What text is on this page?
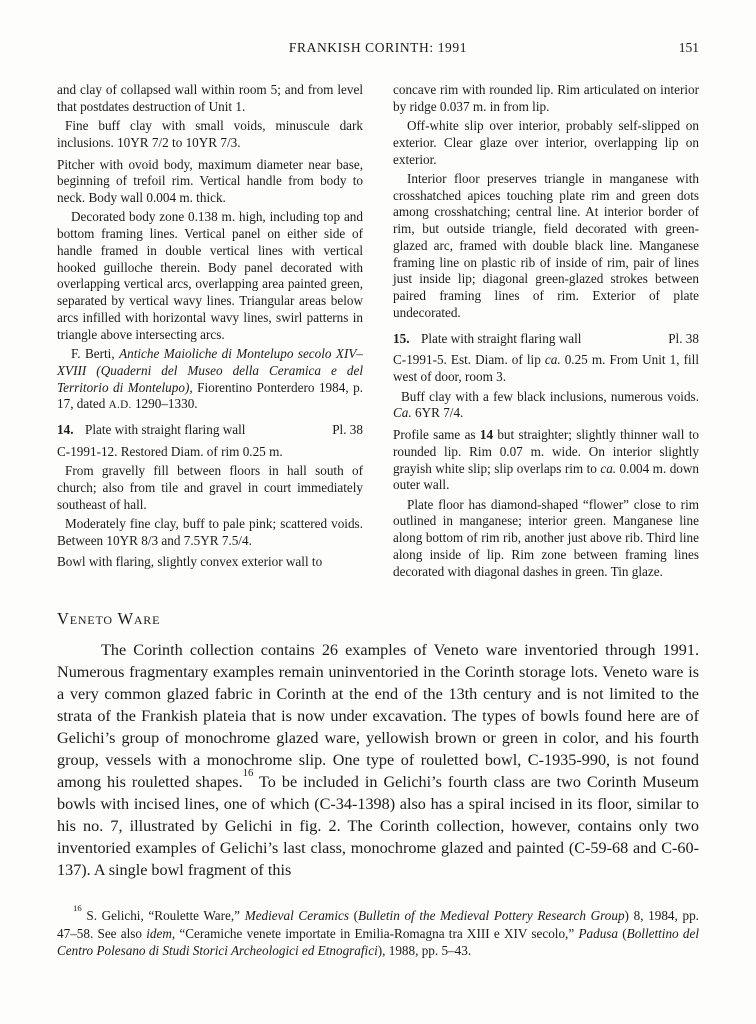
FRANKISH CORINTH: 1991	151

and clay of collapsed wall within room 5; and from level that postdates destruction of Unit 1.

Fine buff clay with small voids, minuscule dark inclusions. 10YR 7/2 to 10YR 7/3.

Pitcher with ovoid body, maximum diameter near base, beginning of trefoil rim. Vertical handle from body to neck. Body wall 0.004 m. thick.

Decorated body zone 0.138 m. high, including top and bottom framing lines. Vertical panel on either side of handle framed in double vertical lines with vertical hooked guilloche therein. Body panel decorated with overlapping vertical arcs, overlapping area painted green, separated by vertical wavy lines. Triangular areas below arcs infilled with horizontal wavy lines, swirl patterns in triangle above intersecting arcs.

F. Berti, Antiche Maioliche di Montelupo secolo XIV–XVIII (Quaderni del Museo della Ceramica e del Territorio di Montelupo), Fiorentino Ponterdero 1984, p. 17, dated A.D. 1290–1330.

14. Plate with straight flaring wall	Pl. 38

C-1991-12. Restored Diam. of rim 0.25 m.

From gravelly fill between floors in hall south of church; also from tile and gravel in court immediately southeast of hall.

Moderately fine clay, buff to pale pink; scattered voids. Between 10YR 8/3 and 7.5YR 7.5/4.

Bowl with flaring, slightly convex exterior wall to

concave rim with rounded lip. Rim articulated on interior by ridge 0.037 m. in from lip.

Off-white slip over interior, probably self-slipped on exterior. Clear glaze over interior, overlapping lip on exterior.

Interior floor preserves triangle in manganese with crosshatched apices touching plate rim and green dots among crosshatching; central line. At interior border of rim, but outside triangle, field decorated with green-glazed arc, framed with double black line. Manganese framing line on plastic rib of inside of rim, pair of lines just inside lip; diagonal green-glazed strokes between paired framing lines of rim. Exterior of plate undecorated.

15. Plate with straight flaring wall	Pl. 38

C-1991-5. Est. Diam. of lip ca. 0.25 m. From Unit 1, fill west of door, room 3.

Buff clay with a few black inclusions, numerous voids. Ca. 6YR 7/4.

Profile same as 14 but straighter; slightly thinner wall to rounded lip. Rim 0.07 m. wide. On interior slightly grayish white slip; slip overlaps rim to ca. 0.004 m. down outer wall.

Plate floor has diamond-shaped “flower” close to rim outlined in manganese; interior green. Manganese line along bottom of rim rib, another just above rib. Third line along inside of lip. Rim zone between framing lines decorated with diagonal dashes in green. Tin glaze.

Veneto Ware

The Corinth collection contains 26 examples of Veneto ware inventoried through 1991. Numerous fragmentary examples remain uninventoried in the Corinth storage lots. Veneto ware is a very common glazed fabric in Corinth at the end of the 13th century and is not limited to the strata of the Frankish plateia that is now under excavation. The types of bowls found here are of Gelichi’s group of monochrome glazed ware, yellowish brown or green in color, and his fourth group, vessels with a monochrome slip. One type of rouletted bowl, C-1935-990, is not found among his rouletted shapes.$^{16}$ To be included in Gelichi’s fourth class are two Corinth Museum bowls with incised lines, one of which (C-34-1398) also has a spiral incised in its floor, similar to his no. 7, illustrated by Gelichi in fig. 2. The Corinth collection, however, contains only two inventoried examples of Gelichi’s last class, monochrome glazed and painted (C-59-68 and C-60-137). A single bowl fragment of this

$^{16}$ S. Gelichi, “Roulette Ware,” Medieval Ceramics (Bulletin of the Medieval Pottery Research Group) 8, 1984, pp. 47–58. See also idem, “Ceramiche venete importate in Emilia-Romagna tra XIII e XIV secolo,” Padusa (Bollettino del Centro Polesano di Studi Storici Archeologici ed Etnografici), 1988, pp. 5–43.
